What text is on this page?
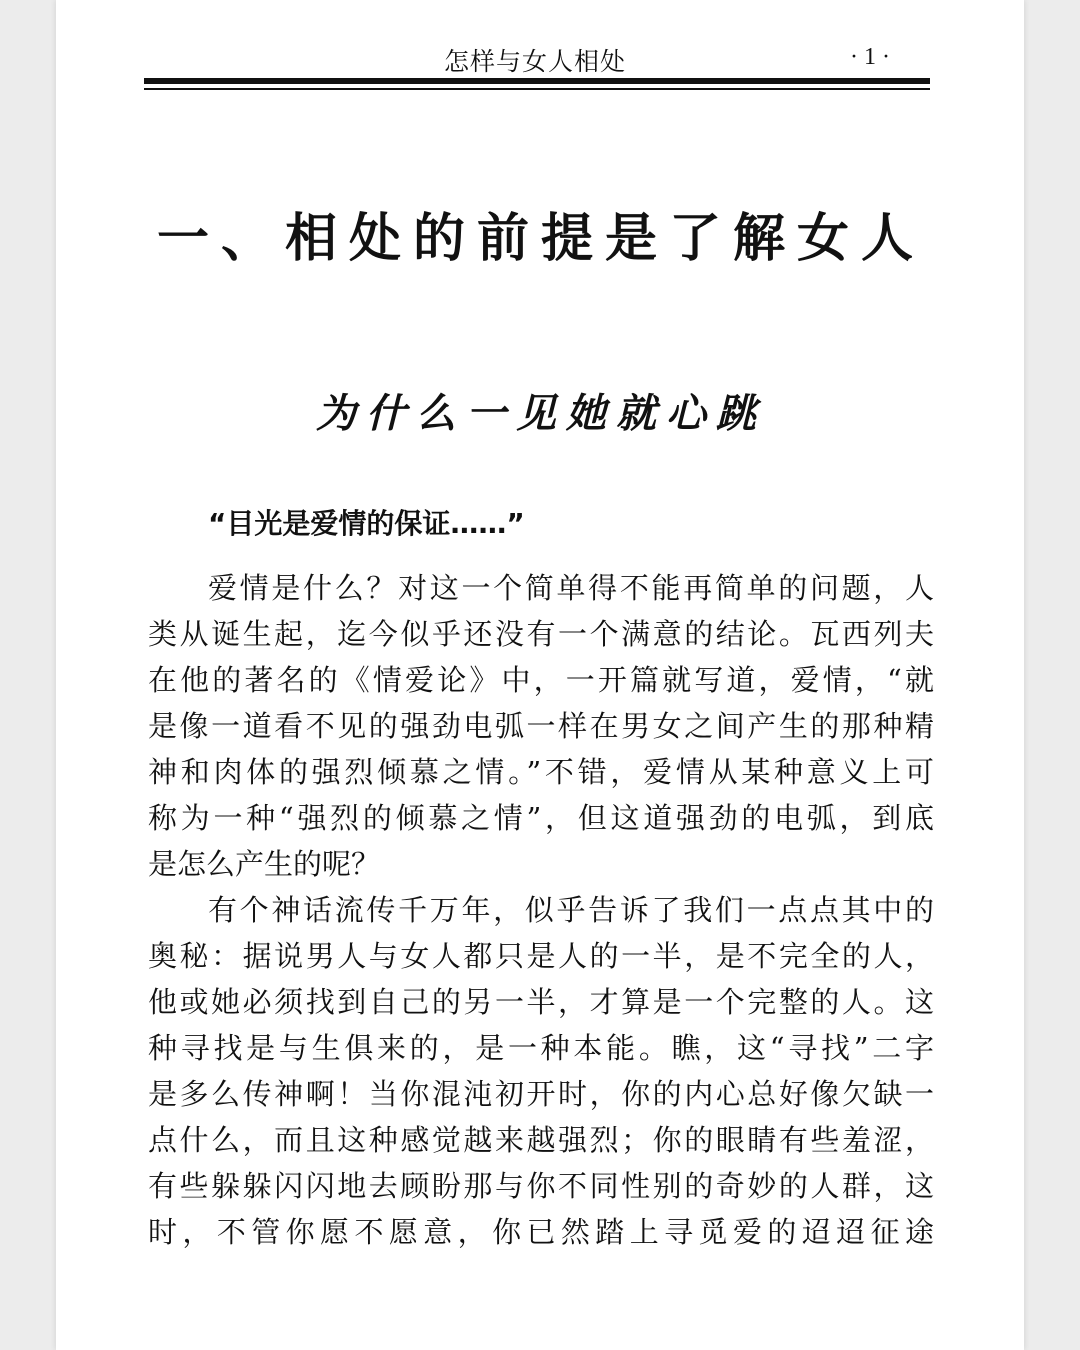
怎样与女人相处	·1·
一、相处的前提是了解女人
为什么一见她就心跳
“目光是爱情的保证……”
爱情是什么？对这一个简单得不能再简单的问题，人
类从诞生起，迄今似乎还没有一个满意的结论。瓦西列夫
在他的著名的《情爱论》中，一开篇就写道，爱情，“就
是像一道看不见的强劲电弧一样在男女之间产生的那种精
神和肉体的强烈倾慕之情。”不错，爱情从某种意义上可
称为一种“强烈的倾慕之情”，但这道强劲的电弧，到底
是怎么产生的呢？
有个神话流传千万年，似乎告诉了我们一点点其中的
奥秘：据说男人与女人都只是人的一半，是不完全的人，
他或她必须找到自己的另一半，才算是一个完整的人。这
种寻找是与生俱来的，是一种本能。瞧，这“寻找”二字
是多么传神啊！当你混沌初开时，你的内心总好像欠缺一
点什么，而且这种感觉越来越强烈；你的眼睛有些羞涩，
有些躲躲闪闪地去顾盼那与你不同性别的奇妙的人群，这
时，不管你愿不愿意，你已然踏上寻觅爱的迢迢征途
